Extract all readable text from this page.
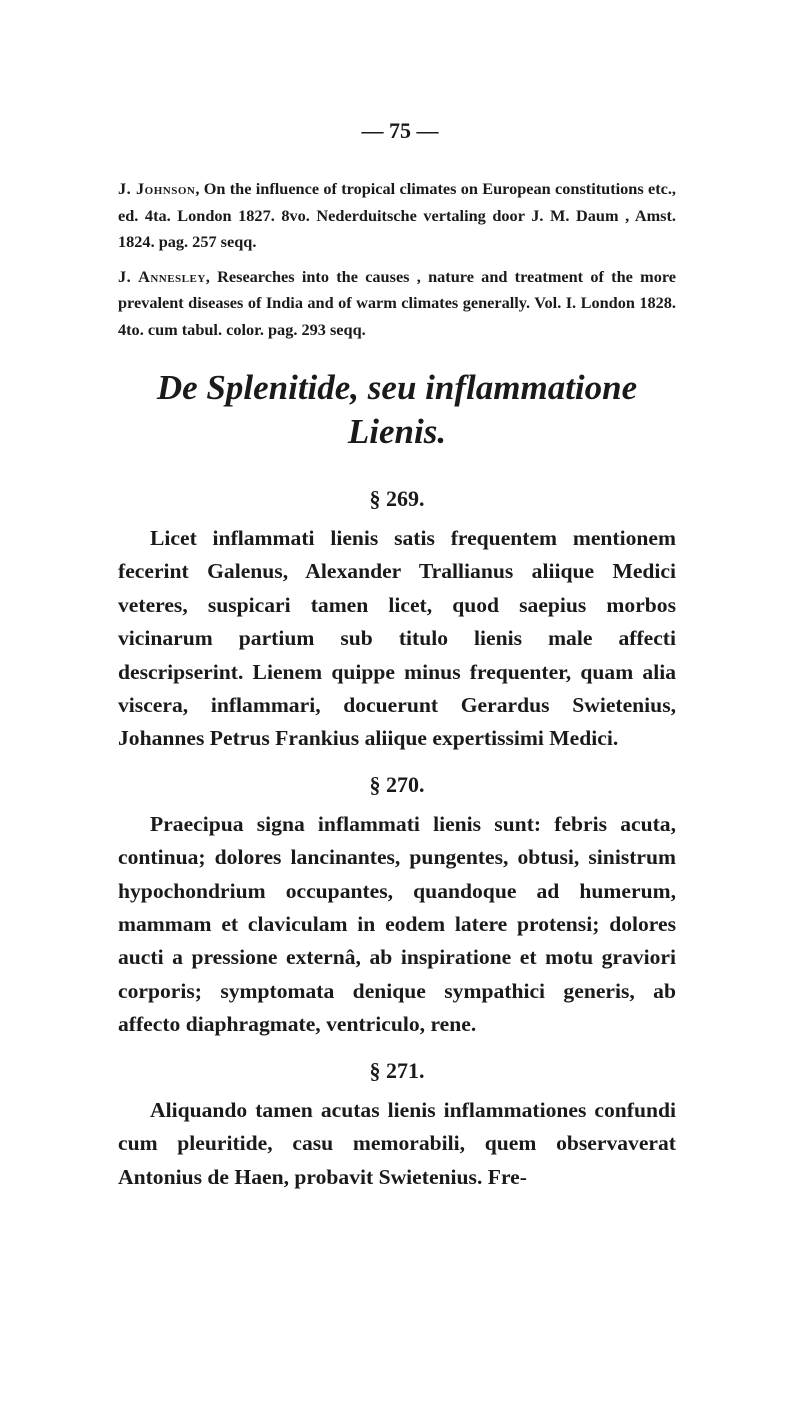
— 75 —

J. Johnson, On the influence of tropical climates on European constitutions etc., ed. 4ta. London 1827. 8vo. Nederduitsche vertaling door J. M. Daum , Amst. 1824. pag. 257 seqq.

J. Annesley, Researches into the causes , nature and treatment of the more prevalent diseases of India and of warm climates generally. Vol. I. London 1828. 4to. cum tabul. color. pag. 293 seqq.

De Splenitide, seu inflammatione
Lienis.
§ 269.

Licet inflammati lienis satis frequentem mentionem fecerint Galenus, Alexander Trallianus aliique Medici veteres, suspicari tamen licet, quod saepius morbos vicinarum partium sub titulo lienis male affecti descripserint. Lienem quippe minus frequenter, quam alia viscera, inflammari, docuerunt Gerardus Swietenius, Johannes Petrus Frankius aliique expertissimi Medici.

§ 270.

Praecipua signa inflammati lienis sunt: febris acuta, continua; dolores lancinantes, pungentes, obtusi, sinistrum hypochondrium occupantes, quandoque ad humerum, mammam et claviculam in eodem latere protensi; dolores aucti a pressione externâ, ab inspiratione et motu graviori corporis; symptomata denique sympathici generis, ab affecto diaphragmate, ventriculo, rene.

§ 271.

Aliquando tamen acutas lienis inflammationes confundi cum pleuritide, casu memorabili, quem observaverat Antonius de Haen, probavit Swietenius. Fre-
